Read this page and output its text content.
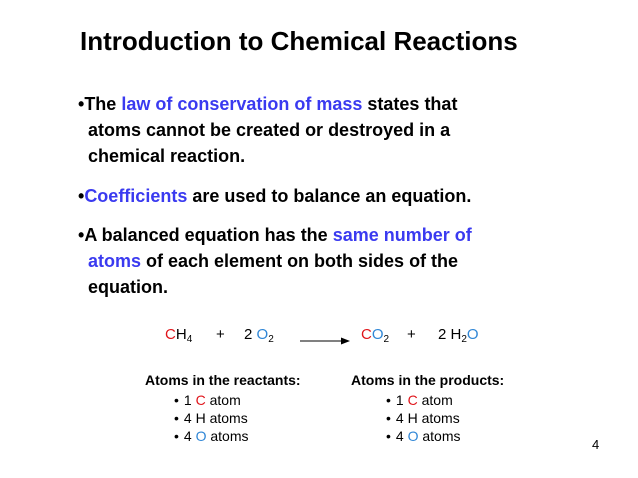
Introduction to Chemical Reactions
•The law of conservation of mass states that
atoms cannot be created or destroyed in a
chemical reaction.
•Coefficients are used to balance an equation.
•A balanced equation has the same number of
atoms of each element on both sides of the
equation.
$CH_4 + 2$ $O_2 \to CO_2 + 2$ $H_2O$
Atoms in the reactants:
• 1 C atom
• 4 H atoms
• 4 O atoms
Atoms in the products:
• 1 C atom
• 4 H atoms
• 4 O atoms
4
